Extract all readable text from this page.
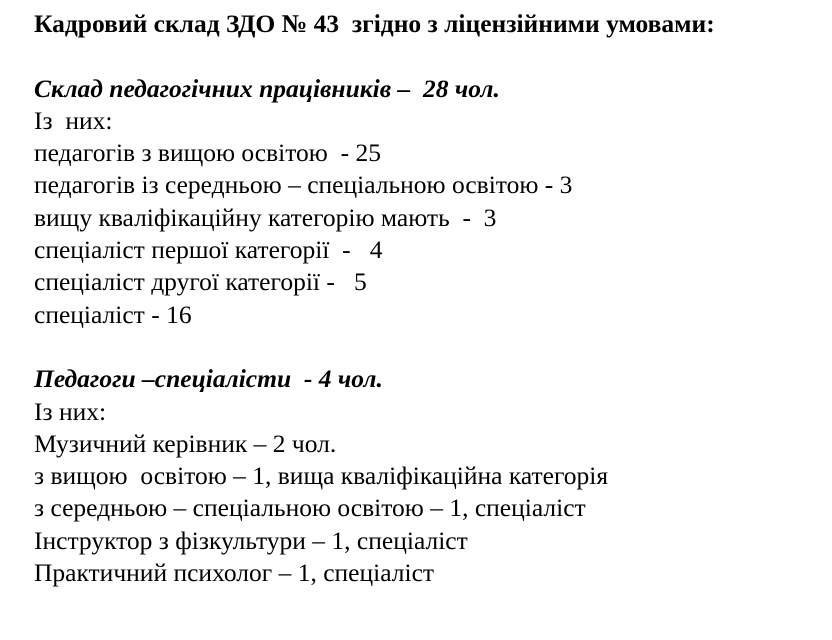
Кадровий склад ЗДО № 43  згідно з ліцензійними умовами:
Склад педагогічних працівників –  28 чол.
Із  них:
педагогів з вищою освітою  - 25
педагогів із середньою – спеціальною освітою - 3
вищу кваліфікаційну категорію мають  -  3
спеціаліст першої категорії  -   4
спеціаліст другої категорії -   5
спеціаліст - 16
Педагоги –спеціалісти  - 4 чол.
Із них:
Музичний керівник – 2 чол.
з вищою  освітою – 1, вища кваліфікаційна категорія
з середньою – спеціальною освітою – 1, спеціаліст
Інструктор з фізкультури – 1, спеціаліст
Практичний психолог – 1, спеціаліст
